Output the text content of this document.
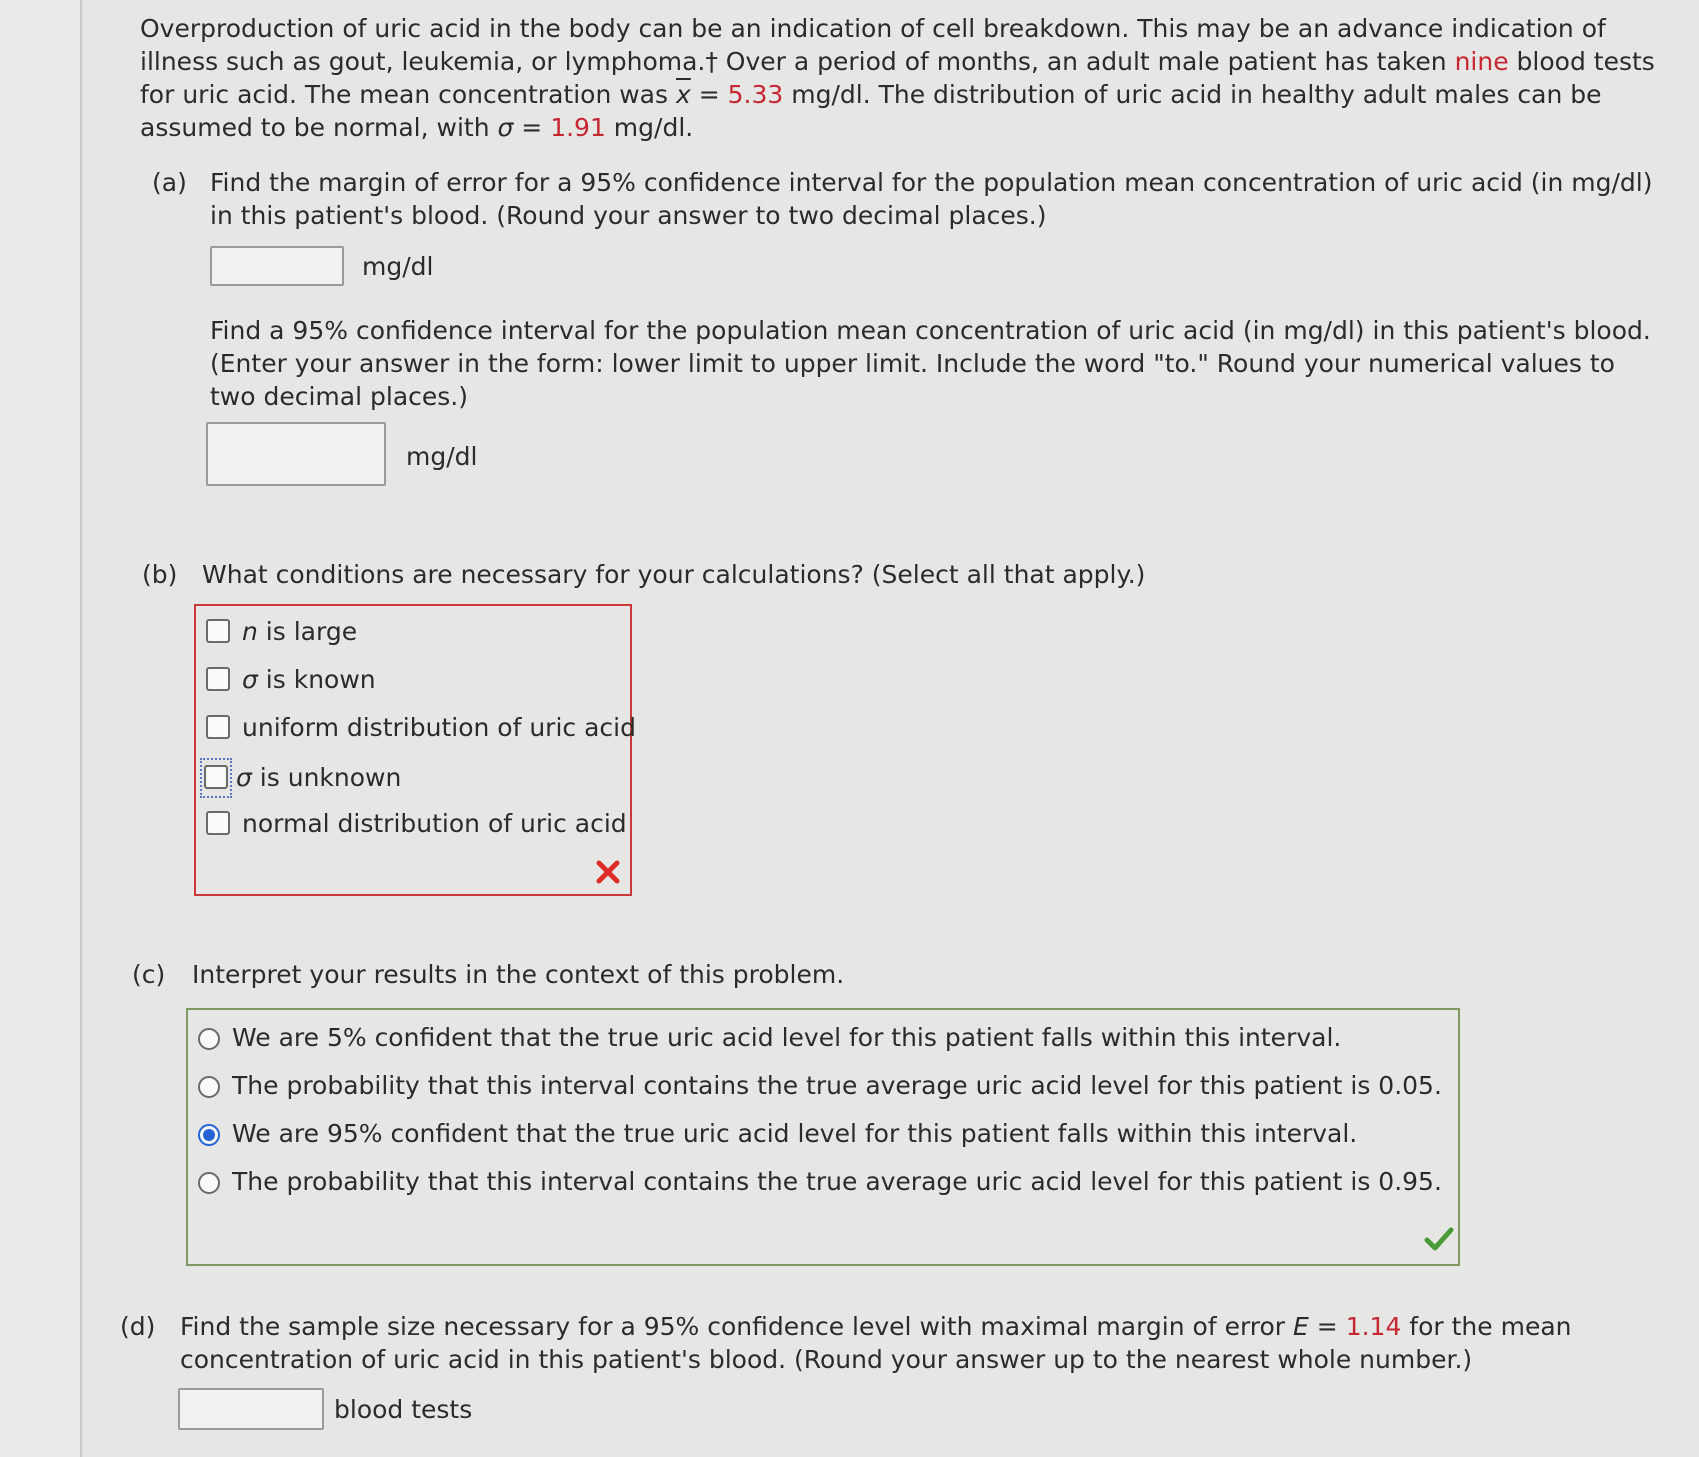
Overproduction of uric acid in the body can be an indication of cell breakdown. This may be an advance indication of illness such as gout, leukemia, or lymphoma.† Over a period of months, an adult male patient has taken nine blood tests for uric acid. The mean concentration was $\overline{x} = 5.33$ mg/dl. The distribution of uric acid in healthy adult males can be assumed to be normal, with σ = 1.91 mg/dl.
(a) Find the margin of error for a 95% confidence interval for the population mean concentration of uric acid (in mg/dl) in this patient's blood. (Round your answer to two decimal places.)
mg/dl
Find a 95% confidence interval for the population mean concentration of uric acid (in mg/dl) in this patient's blood. (Enter your answer in the form: lower limit to upper limit. Include the word "to." Round your numerical values to two decimal places.)
mg/dl
(b) What conditions are necessary for your calculations? (Select all that apply.)
n is large
σ is known
uniform distribution of uric acid
σ is unknown
normal distribution of uric acid
(c) Interpret your results in the context of this problem.
We are 5% confident that the true uric acid level for this patient falls within this interval.
The probability that this interval contains the true average uric acid level for this patient is 0.05.
We are 95% confident that the true uric acid level for this patient falls within this interval.
The probability that this interval contains the true average uric acid level for this patient is 0.95.
(d) Find the sample size necessary for a 95% confidence level with maximal margin of error E = 1.14 for the mean concentration of uric acid in this patient's blood. (Round your answer up to the nearest whole number.)
blood tests
